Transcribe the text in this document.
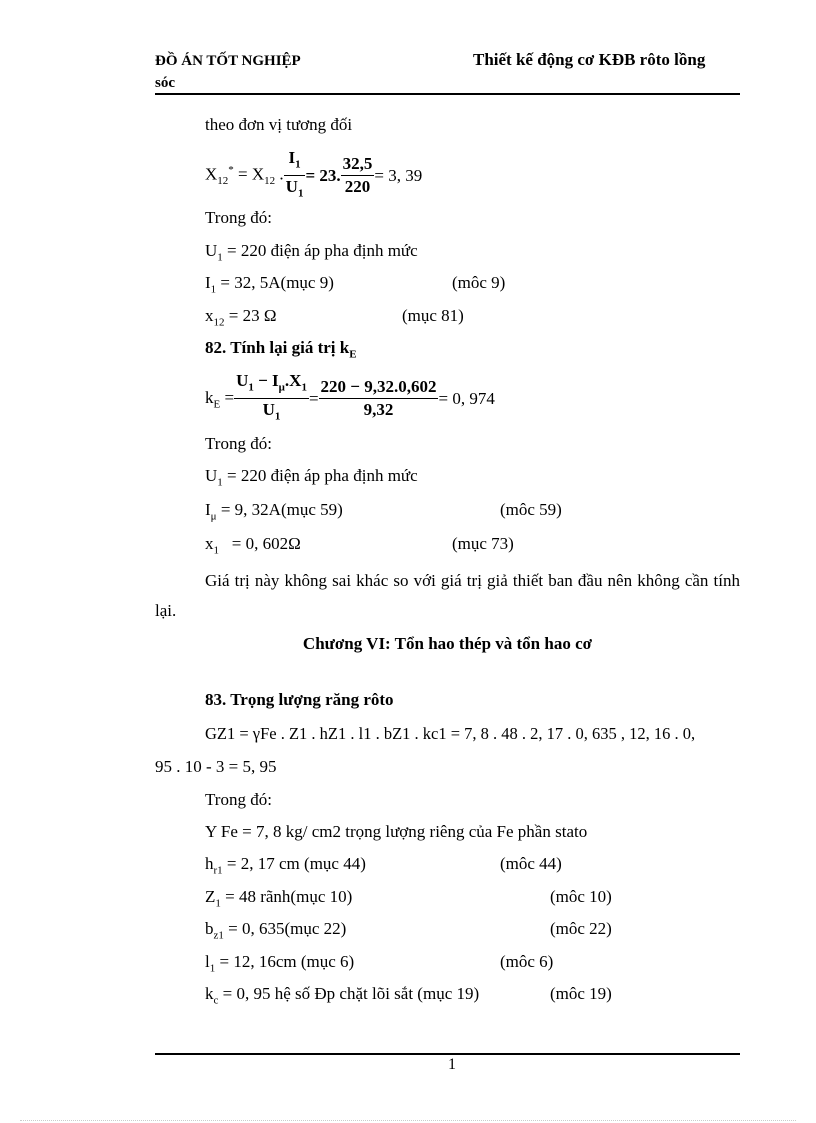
ĐỒ ÁN TỐT NGHIỆP
sóc
Thiết kế động cơ KĐB rôto lồng
theo đơn vị tương đối
$X_{12}^* = X_{12}$ . $\frac{I_1}{U_1} = 23$. $\frac{32,5}{220} = 3$, 39
Trong đó:
$U_1 = 220$ điện áp pha định mức
$I_1 = 32$, 5A(mục 9)	(môc 9)
$x_{12} = 23$ Ω	(mục 81)
82. Tính lại giá trị $k_E$
$k_E = \frac{U_1 - I_\mu.X_1}{U_1} = \frac{220 - 9,32.0,602}{9,32} = 0$, 974
Trong đó:
$U_1 = 220$ điện áp pha định mức
$I_\mu = 9$, 32A(mục 59)	(môc 59)
$x_1 = 0$, 602Ω	(mục 73)
Giá trị này không sai khác so với giá trị giả thiết ban đầu nên không cần tính lại.
Chương VI: Tổn hao thép và tổn hao cơ
83. Trọng lượng răng rôto
GZ1 = γFe . Z1 . hZ1 . l1 . bZ1 . kc1 = 7, 8 . 48 . 2, 17 . 0, 635 , 12, 16 . 0,
95 . 10 - 3 = 5, 95
Trong đó:
Y Fe = 7, 8 kg/ cm2 trọng lượng riêng của Fe phần stato
$h_{r1} = 2$, 17 cm (mục 44)	(môc 44)
$Z_1 = 48$ rãnh(mục 10)	(môc 10)
$b_{z1} = 0$, 635(mục 22)	(môc 22)
$l_1 = 12$, 16cm (mục 6)	(môc 6)
$k_c = 0$, 95 hệ số Đp chặt lõi sắt (mục 19)	(môc 19)
1
